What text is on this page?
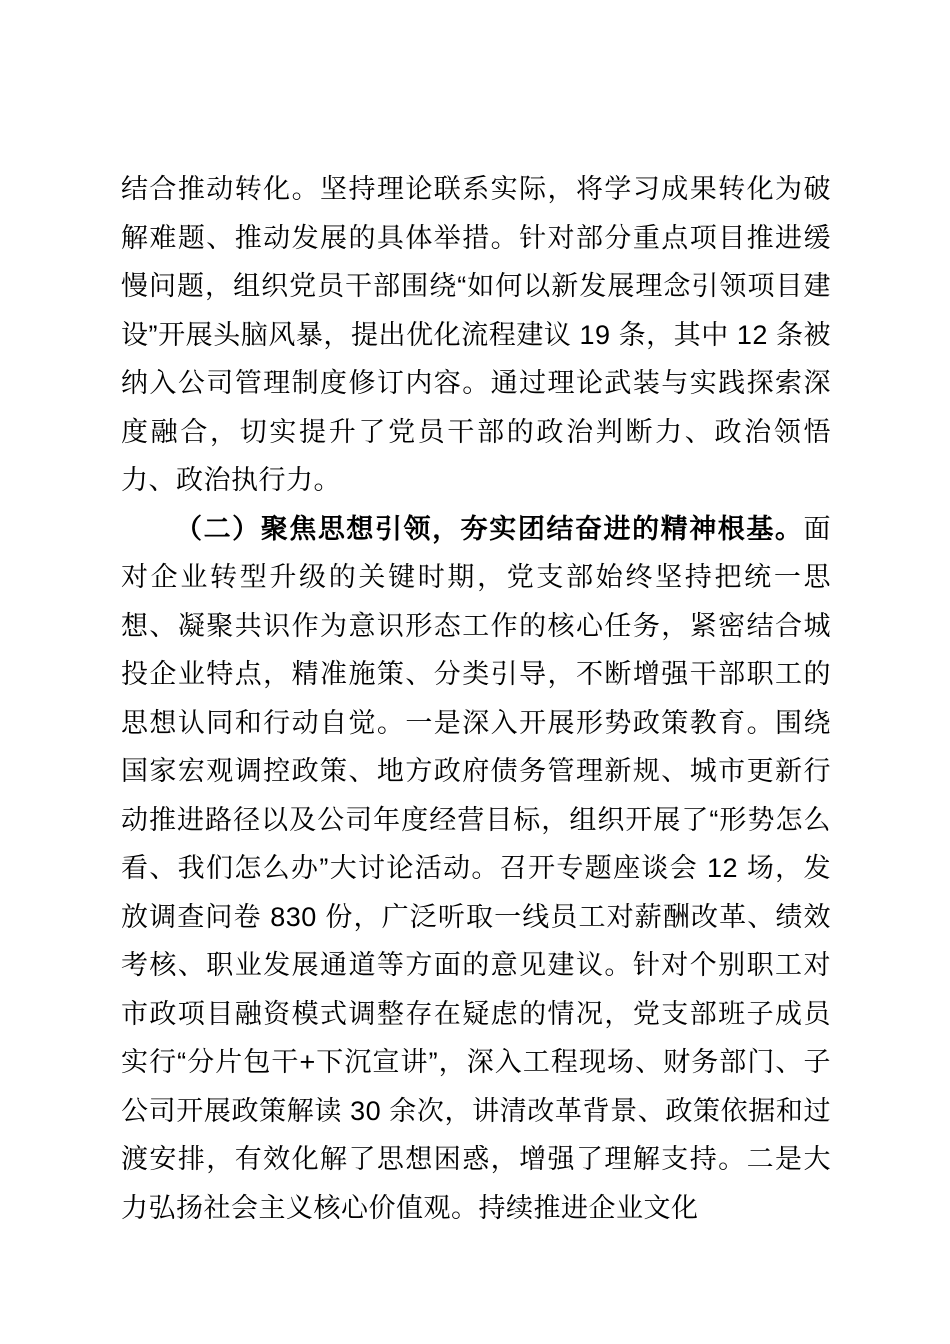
结合推动转化。坚持理论联系实际，将学习成果转化为破解难题、推动发展的具体举措。针对部分重点项目推进缓慢问题，组织党员干部围绕“如何以新发展理念引领项目建设”开展头脑风暴，提出优化流程建议 19 条，其中 12 条被纳入公司管理制度修订内容。通过理论武装与实践探索深度融合，切实提升了党员干部的政治判断力、政治领悟力、政治执行力。

（二）聚焦思想引领，夯实团结奋进的精神根基。面对企业转型升级的关键时期，党支部始终坚持把统一思想、凝聚共识作为意识形态工作的核心任务，紧密结合城投企业特点，精准施策、分类引导，不断增强干部职工的思想认同和行动自觉。一是深入开展形势政策教育。围绕国家宏观调控政策、地方政府债务管理新规、城市更新行动推进路径以及公司年度经营目标，组织开展了“形势怎么看、我们怎么办”大讨论活动。召开专题座谈会 12 场，发放调查问卷 830 份，广泛听取一线员工对薪酬改革、绩效考核、职业发展通道等方面的意见建议。针对个别职工对市政项目融资模式调整存在疑虑的情况，党支部班子成员实行“分片包干+下沉宣讲”，深入工程现场、财务部门、子公司开展政策解读 30 余次，讲清改革背景、政策依据和过渡安排，有效化解了思想困惑，增强了理解支持。二是大力弘扬社会主义核心价值观。持续推进企业文化
